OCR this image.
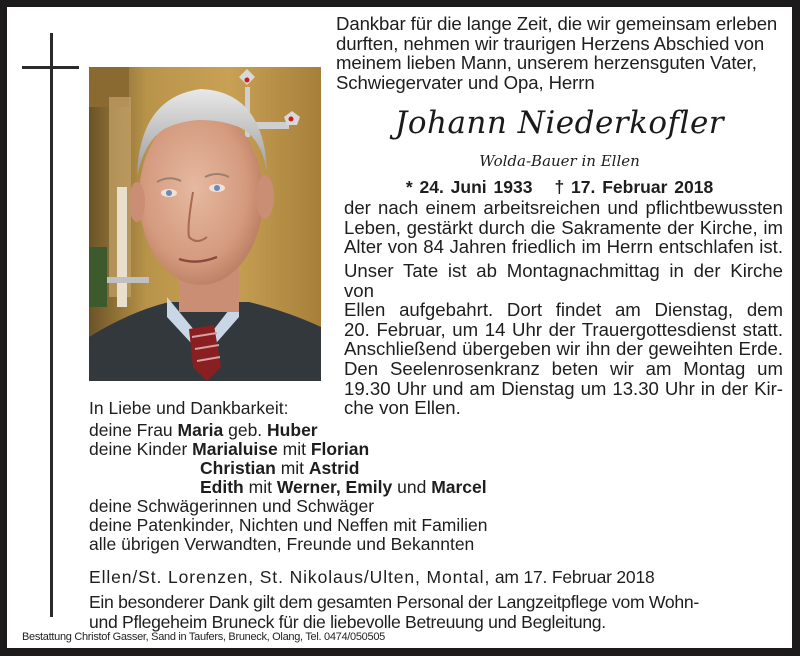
Dankbar für die lange Zeit, die wir gemeinsam erleben
durften, nehmen wir traurigen Herzens Abschied von
meinem lieben Mann, unserem herzensguten Vater,
Schwiegervater und Opa, Herrn
Johann Niederkofler
Wolda-Bauer in Ellen
* 24. Juni 1933 † 17. Februar 2018

der nach einem arbeitsreichen und pflichtbewussten

Leben, gestärkt durch die Sakramente der Kirche, im

Alter von 84 Jahren friedlich im Herrn entschlafen ist.

Unser Tate ist ab Montagnachmittag in der Kirche von

Ellen aufgebahrt. Dort findet am Dienstag, dem

20. Februar, um 14 Uhr der Trauergottesdienst statt.

Anschließend übergeben wir ihn der geweihten Erde.

Den Seelenrosenkranz beten wir am Montag um

19.30 Uhr und am Dienstag um 13.30 Uhr in der Kir-

che von Ellen.

In Liebe und Dankbarkeit:
deine Frau Maria geb. Huber
deine Kinder Marialuise mit Florian
Christian mit Astrid
Edith mit Werner, Emily und Marcel
deine Schwägerinnen und Schwäger
deine Patenkinder, Nichten und Neffen mit Familien
alle übrigen Verwandten, Freunde und Bekannten
Ellen/St. Lorenzen, St. Nikolaus/Ulten, Montal, am 17. Februar 2018

Ein besonderer Dank gilt dem gesamten Personal der Langzeitpflege vom Wohn-

und Pflegeheim Bruneck für die liebevolle Betreuung und Begleitung.

Bestattung Christof Gasser, Sand in Taufers, Bruneck, Olang, Tel. 0474/050505
